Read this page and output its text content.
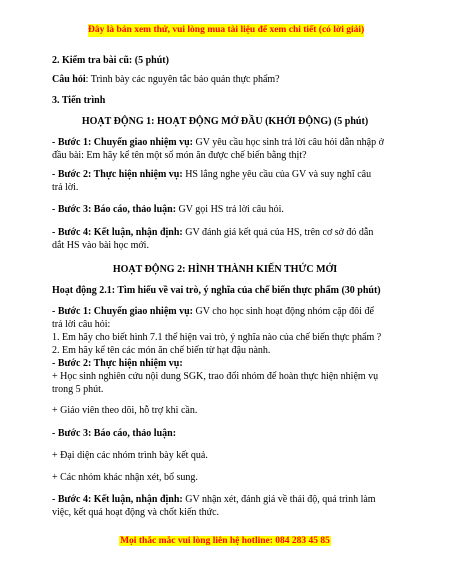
Đây là bản xem thử, vui lòng mua tài liệu để xem chi tiết (có lời giải)
2. Kiểm tra bài cũ: (5 phút)
Câu hỏi: Trình bày các nguyên tắc bảo quản thực phẩm?
3. Tiến trình
HOẠT ĐỘNG 1: HOẠT ĐỘNG MỞ ĐẦU (KHỞI ĐỘNG) (5 phút)
- Bước 1: Chuyển giao nhiệm vụ: GV yêu cầu học sinh trả lời câu hỏi dẫn nhập ở
đầu bài: Em hãy kể tên một số món ăn được chế biến bằng thịt?
- Bước 2: Thực hiện nhiệm vụ: HS lắng nghe yêu cầu của GV và suy nghĩ câu
trả lời.
- Bước 3: Báo cáo, thảo luận: GV gọi HS trả lời câu hỏi.
- Bước 4: Kết luận, nhận định: GV đánh giá kết quả của HS, trên cơ sở đó dẫn
dắt HS vào bài học mới.
HOẠT ĐỘNG 2: HÌNH THÀNH KIẾN THỨC MỚI
Hoạt động 2.1: Tìm hiểu về vai trò, ý nghĩa của chế biến thực phẩm (30 phút)
- Bước 1: Chuyển giao nhiệm vụ: GV cho học sinh hoạt động nhóm cặp đôi để
trả lời câu hỏi:
1. Em hãy cho biết hình 7.1 thể hiện vai trò, ý nghĩa nào của chế biến thực phẩm ?
2. Em hãy kể tên các món ăn chế biến từ hạt đậu nành.
- Bước 2: Thực hiện nhiệm vụ:
+ Học sinh nghiên cứu nội dung SGK, trao đổi nhóm để hoàn thực hiện nhiệm vụ
trong 5 phút.
+ Giáo viên theo dõi, hỗ trợ khi cần.
- Bước 3: Báo cáo, thảo luận:
+ Đại diện các nhóm trình bày kết quả.
+ Các nhóm khác nhận xét, bổ sung.
- Bước 4: Kết luận, nhận định: GV nhận xét, đánh giá về thái độ, quá trình làm
việc, kết quả hoạt động và chốt kiến thức.
Mọi thắc mắc vui lòng liên hệ hotline: 084 283 45 85
